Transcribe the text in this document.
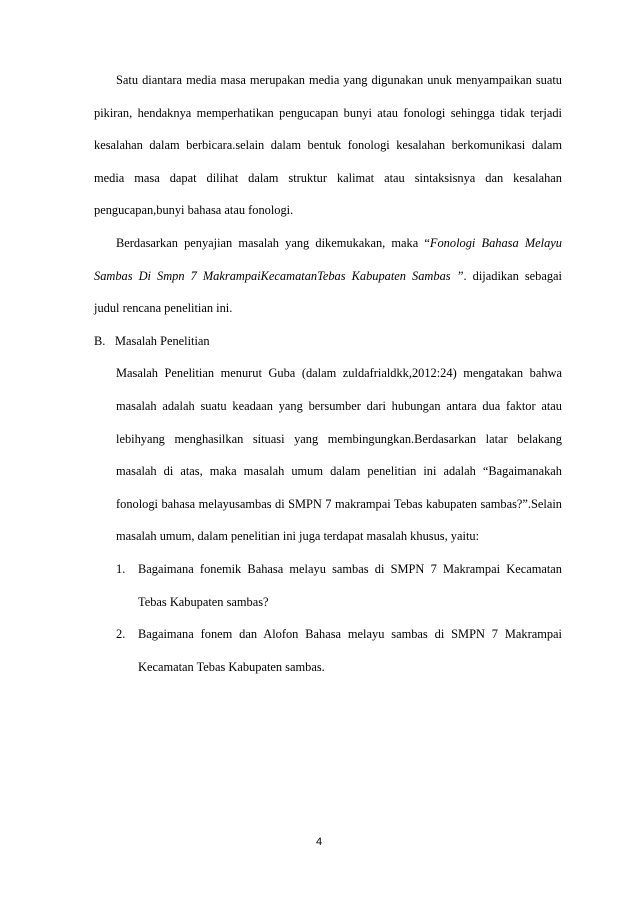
Satu diantara media masa merupakan media yang digunakan unuk menyampaikan suatu pikiran, hendaknya memperhatikan pengucapan bunyi atau fonologi sehingga tidak terjadi kesalahan dalam berbicara.selain dalam bentuk fonologi kesalahan berkomunikasi dalam media masa dapat dilihat dalam struktur kalimat atau sintaksisnya dan kesalahan pengucapan,bunyi bahasa atau fonologi.

Berdasarkan penyajian masalah yang dikemukakan, maka “Fonologi Bahasa Melayu Sambas Di Smpn 7 MakrampaiKecamatanTebas Kabupaten Sambas ”. dijadikan sebagai judul rencana penelitian ini.

B. Masalah Penelitian

Masalah Penelitian menurut Guba (dalam zuldafrialdkk,2012:24) mengatakan bahwa masalah adalah suatu keadaan yang bersumber dari hubungan antara dua faktor atau lebihyang menghasilkan situasi yang membingungkan.Berdasarkan latar belakang masalah di atas, maka masalah umum dalam penelitian ini adalah “Bagaimanakah fonologi bahasa melayusambas di SMPN 7 makrampai Tebas kabupaten sambas?”.Selain masalah umum, dalam penelitian ini juga terdapat masalah khusus, yaitu:

1.	Bagaimana fonemik Bahasa melayu sambas di SMPN 7 Makrampai Kecamatan Tebas Kabupaten sambas?
2.	Bagaimana fonem dan Alofon Bahasa melayu sambas di SMPN 7 Makrampai Kecamatan Tebas Kabupaten sambas.
4
